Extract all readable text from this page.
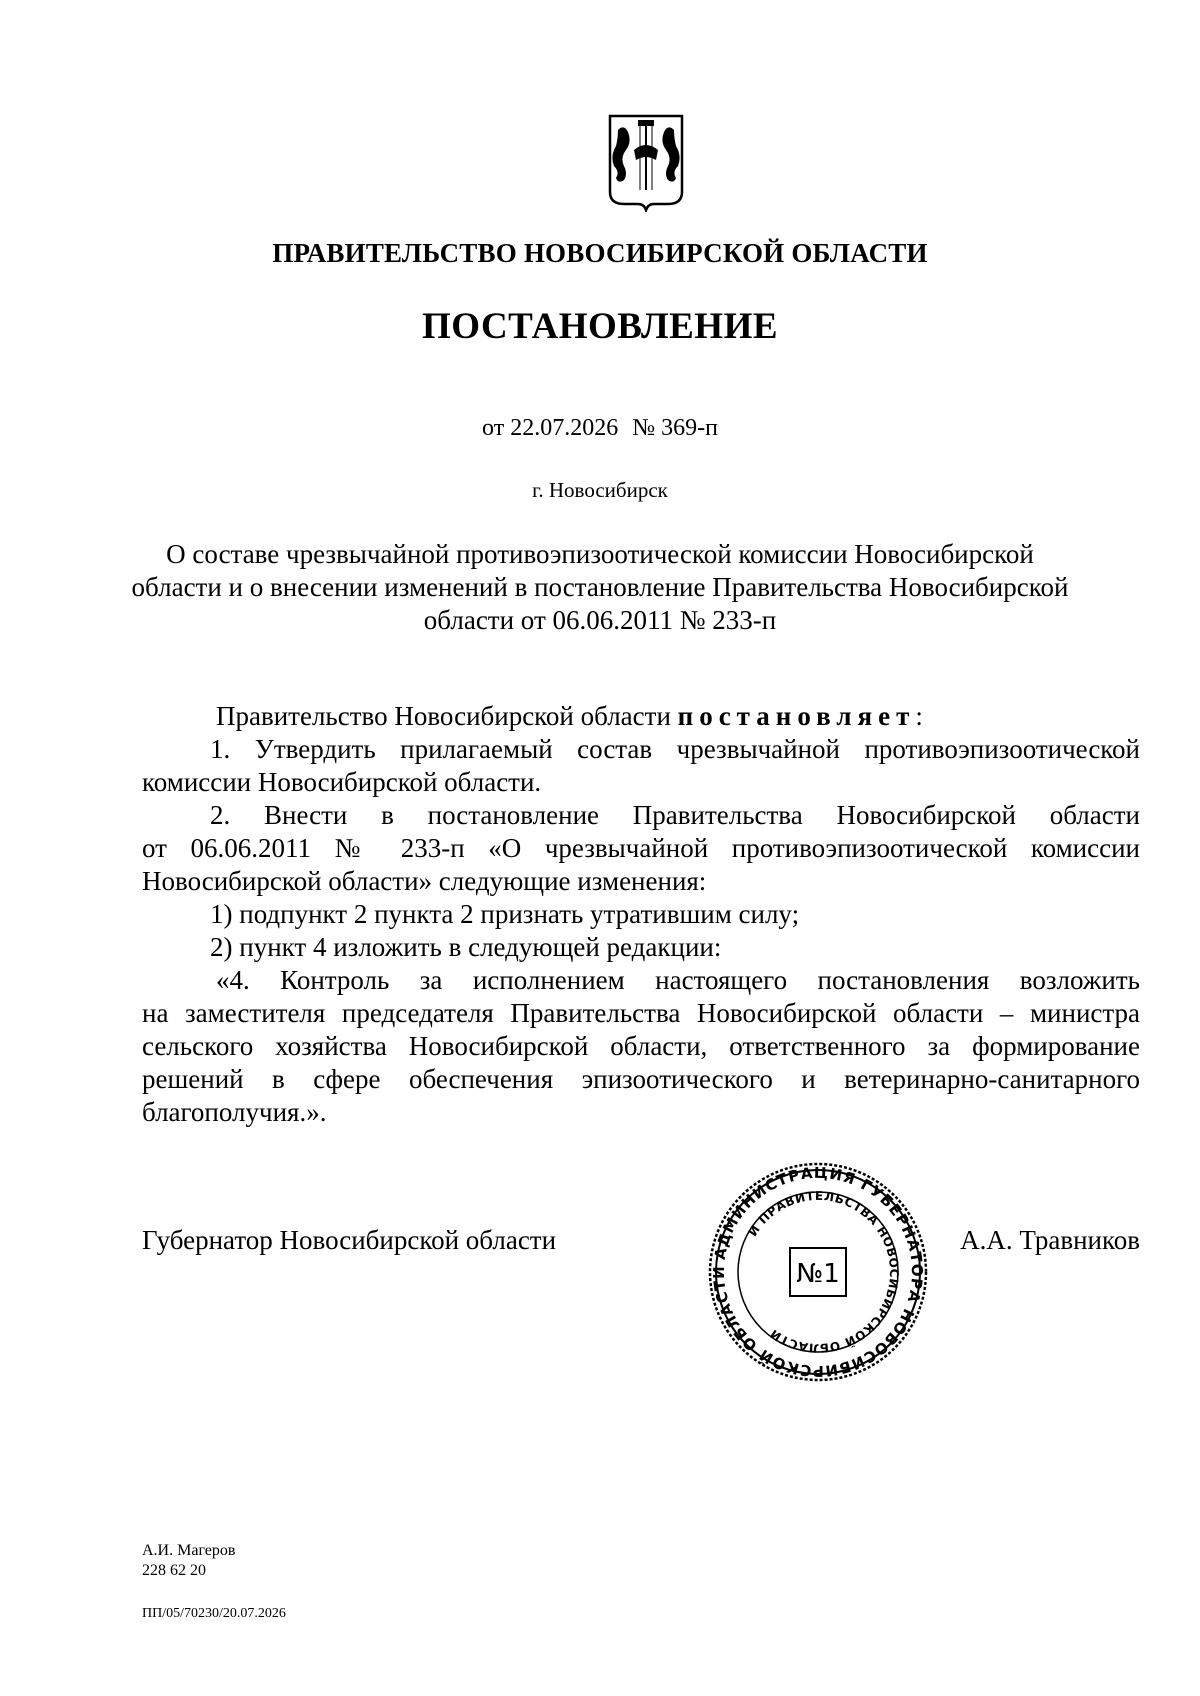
ПРАВИТЕЛЬСТВО НОВОСИБИРСКОЙ ОБЛАСТИ
ПОСТАНОВЛЕНИЕ
от 22.07.2026 № 369-п
г. Новосибирск
О составе чрезвычайной противоэпизоотической комиссии Новосибирской
области и о внесении изменений в постановление Правительства Новосибирской
области от 06.06.2011 № 233-п
Правительство Новосибирской области постановляет:
1. Утвердить прилагаемый состав чрезвычайной противоэпизоотической
комиссии Новосибирской области.
2. Внести в постановление Правительства Новосибирской области
от 06.06.2011 № 233-п «О чрезвычайной противоэпизоотической комиссии
Новосибирской области» следующие изменения:
1) подпункт 2 пункта 2 признать утратившим силу;
2) пункт 4 изложить в следующей редакции:
«4. Контроль за исполнением настоящего постановления возложить
на заместителя председателя Правительства Новосибирской области – министра
сельского хозяйства Новосибирской области, ответственного за формирование
решений в сфере обеспечения эпизоотического и ветеринарно-санитарного
благополучия.».
Губернатор Новосибирской области	А.А. Травников
АДМИНИСТРАЦИЯ ГУБЕРНАТОРА НОВОСИБИРСКОЙ ОБЛАСТИ
И ПРАВИТЕЛЬСТВА НОВОСИБИРСКОЙ ОБЛАСТИ
№1
А.И. Магеров
228 62 20
ПП/05/70230/20.07.2026
